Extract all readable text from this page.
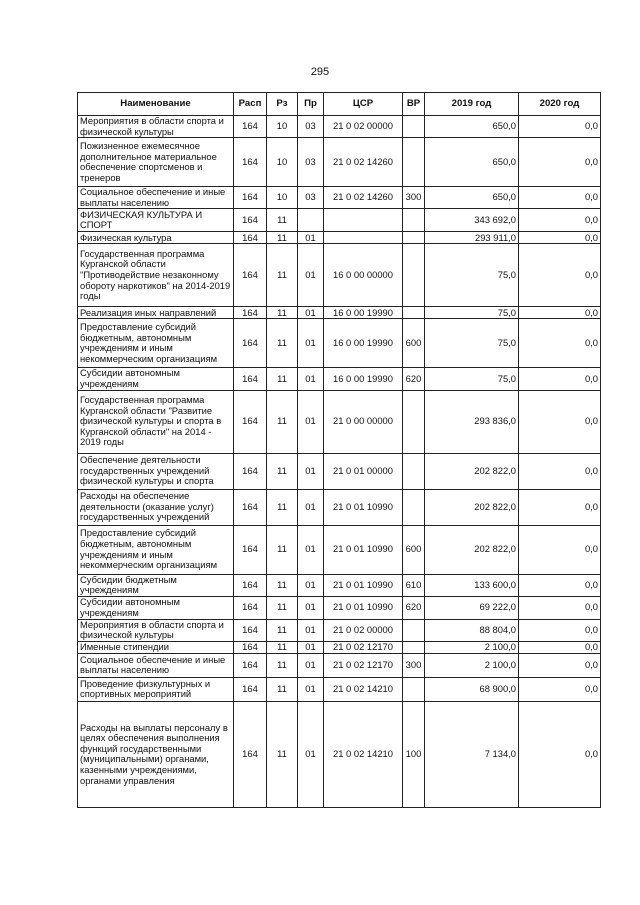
295
Наименование	Расп	Рз	Пр	ЦСР	ВР	2019 год	2020 год
Мероприятия в области спорта и физической культуры	164	10	03	21 0 02 00000		650,0	0,0
Пожизненное ежемесячное дополнительное материальное обеспечение спортсменов и тренеров	164	10	03	21 0 02 14260		650,0	0,0
Социальное обеспечение и иные выплаты населению	164	10	03	21 0 02 14260	300	650,0	0,0
ФИЗИЧЕСКАЯ КУЛЬТУРА И СПОРТ	164	11				343 692,0	0,0
Физическая культура	164	11	01			293 911,0	0,0
Государственная программа Курганской области "Противодействие незаконному обороту наркотиков" на 2014-2019 годы	164	11	01	16 0 00 00000		75,0	0,0
Реализация иных направлений	164	11	01	16 0 00 19990		75,0	0,0
Предоставление субсидий бюджетным, автономным учреждениям и иным некоммерческим организациям	164	11	01	16 0 00 19990	600	75,0	0,0
Субсидии автономным учреждениям	164	11	01	16 0 00 19990	620	75,0	0,0
Государственная программа Курганской области "Развитие физической культуры и спорта в Курганской области" на 2014 - 2019 годы	164	11	01	21 0 00 00000		293 836,0	0,0
Обеспечение деятельности государственных учреждений физической культуры и спорта	164	11	01	21 0 01 00000		202 822,0	0,0
Расходы на обеспечение деятельности (оказание услуг) государственных учреждений	164	11	01	21 0 01 10990		202 822,0	0,0
Предоставление субсидий бюджетным, автономным учреждениям и иным некоммерческим организациям	164	11	01	21 0 01 10990	600	202 822,0	0,0
Субсидии бюджетным учреждениям	164	11	01	21 0 01 10990	610	133 600,0	0,0
Субсидии автономным учреждениям	164	11	01	21 0 01 10990	620	69 222,0	0,0
Мероприятия в области спорта и физической культуры	164	11	01	21 0 02 00000		88 804,0	0,0
Именные стипендии	164	11	01	21 0 02 12170		2 100,0	0,0
Социальное обеспечение и иные выплаты населению	164	11	01	21 0 02 12170	300	2 100,0	0,0
Проведение физкультурных и спортивных мероприятий	164	11	01	21 0 02 14210		68 900,0	0,0
Расходы на выплаты персоналу в целях обеспечения выполнения функций государственными (муниципальными) органами, казенными учреждениями, органами управления	164	11	01	21 0 02 14210	100	7 134,0	0,0
